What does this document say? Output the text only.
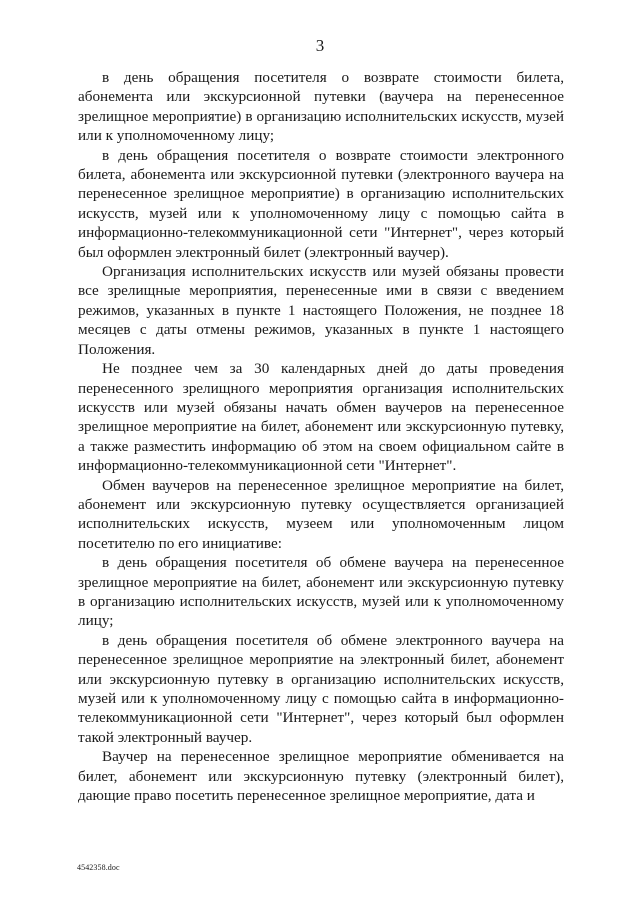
3

в день обращения посетителя о возврате стоимости билета, абонемента или экскурсионной путевки (ваучера на перенесенное зрелищное мероприятие) в организацию исполнительских искусств, музей или к уполномоченному лицу;

в день обращения посетителя о возврате стоимости электронного билета, абонемента или экскурсионной путевки (электронного ваучера на перенесенное зрелищное мероприятие) в организацию исполнительских искусств, музей или к уполномоченному лицу с помощью сайта в информационно-телекоммуникационной сети "Интернет", через который был оформлен электронный билет (электронный ваучер).

Организация исполнительских искусств или музей обязаны провести все зрелищные мероприятия, перенесенные ими в связи с введением режимов, указанных в пункте 1 настоящего Положения, не позднее 18 месяцев с даты отмены режимов, указанных в пункте 1 настоящего Положения.

Не позднее чем за 30 календарных дней до даты проведения перенесенного зрелищного мероприятия организация исполнительских искусств или музей обязаны начать обмен ваучеров на перенесенное зрелищное мероприятие на билет, абонемент или экскурсионную путевку, а также разместить информацию об этом на своем официальном сайте в информационно-телекоммуникационной сети "Интернет".

Обмен ваучеров на перенесенное зрелищное мероприятие на билет, абонемент или экскурсионную путевку осуществляется организацией исполнительских искусств, музеем или уполномоченным лицом посетителю по его инициативе:

в день обращения посетителя об обмене ваучера на перенесенное зрелищное мероприятие на билет, абонемент или экскурсионную путевку в организацию исполнительских искусств, музей или к уполномоченному лицу;

в день обращения посетителя об обмене электронного ваучера на перенесенное зрелищное мероприятие на электронный билет, абонемент или экскурсионную путевку в организацию исполнительских искусств, музей или к уполномоченному лицу с помощью сайта в информационно-телекоммуникационной сети "Интернет", через который был оформлен такой электронный ваучер.

Ваучер на перенесенное зрелищное мероприятие обменивается на билет, абонемент или экскурсионную путевку (электронный билет), дающие право посетить перенесенное зрелищное мероприятие, дата и

4542358.doc
